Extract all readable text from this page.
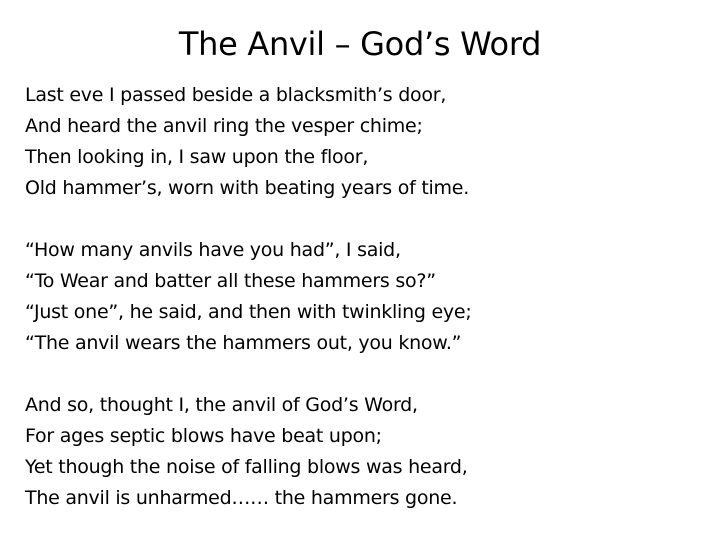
The Anvil – God’s Word
Last eve I passed beside a blacksmith’s door,
And heard the anvil ring the vesper chime;
Then looking in, I saw upon the floor,
Old hammer’s, worn with beating years of time.
“How many anvils have you had”, I said,
“To Wear and batter all these hammers so?”
“Just one”, he said, and then with twinkling eye;
“The anvil wears the hammers out, you know.”
And so, thought I, the anvil of God’s Word,
For ages septic blows have beat upon;
Yet though the noise of falling blows was heard,
The anvil is unharmed…… the hammers gone.
